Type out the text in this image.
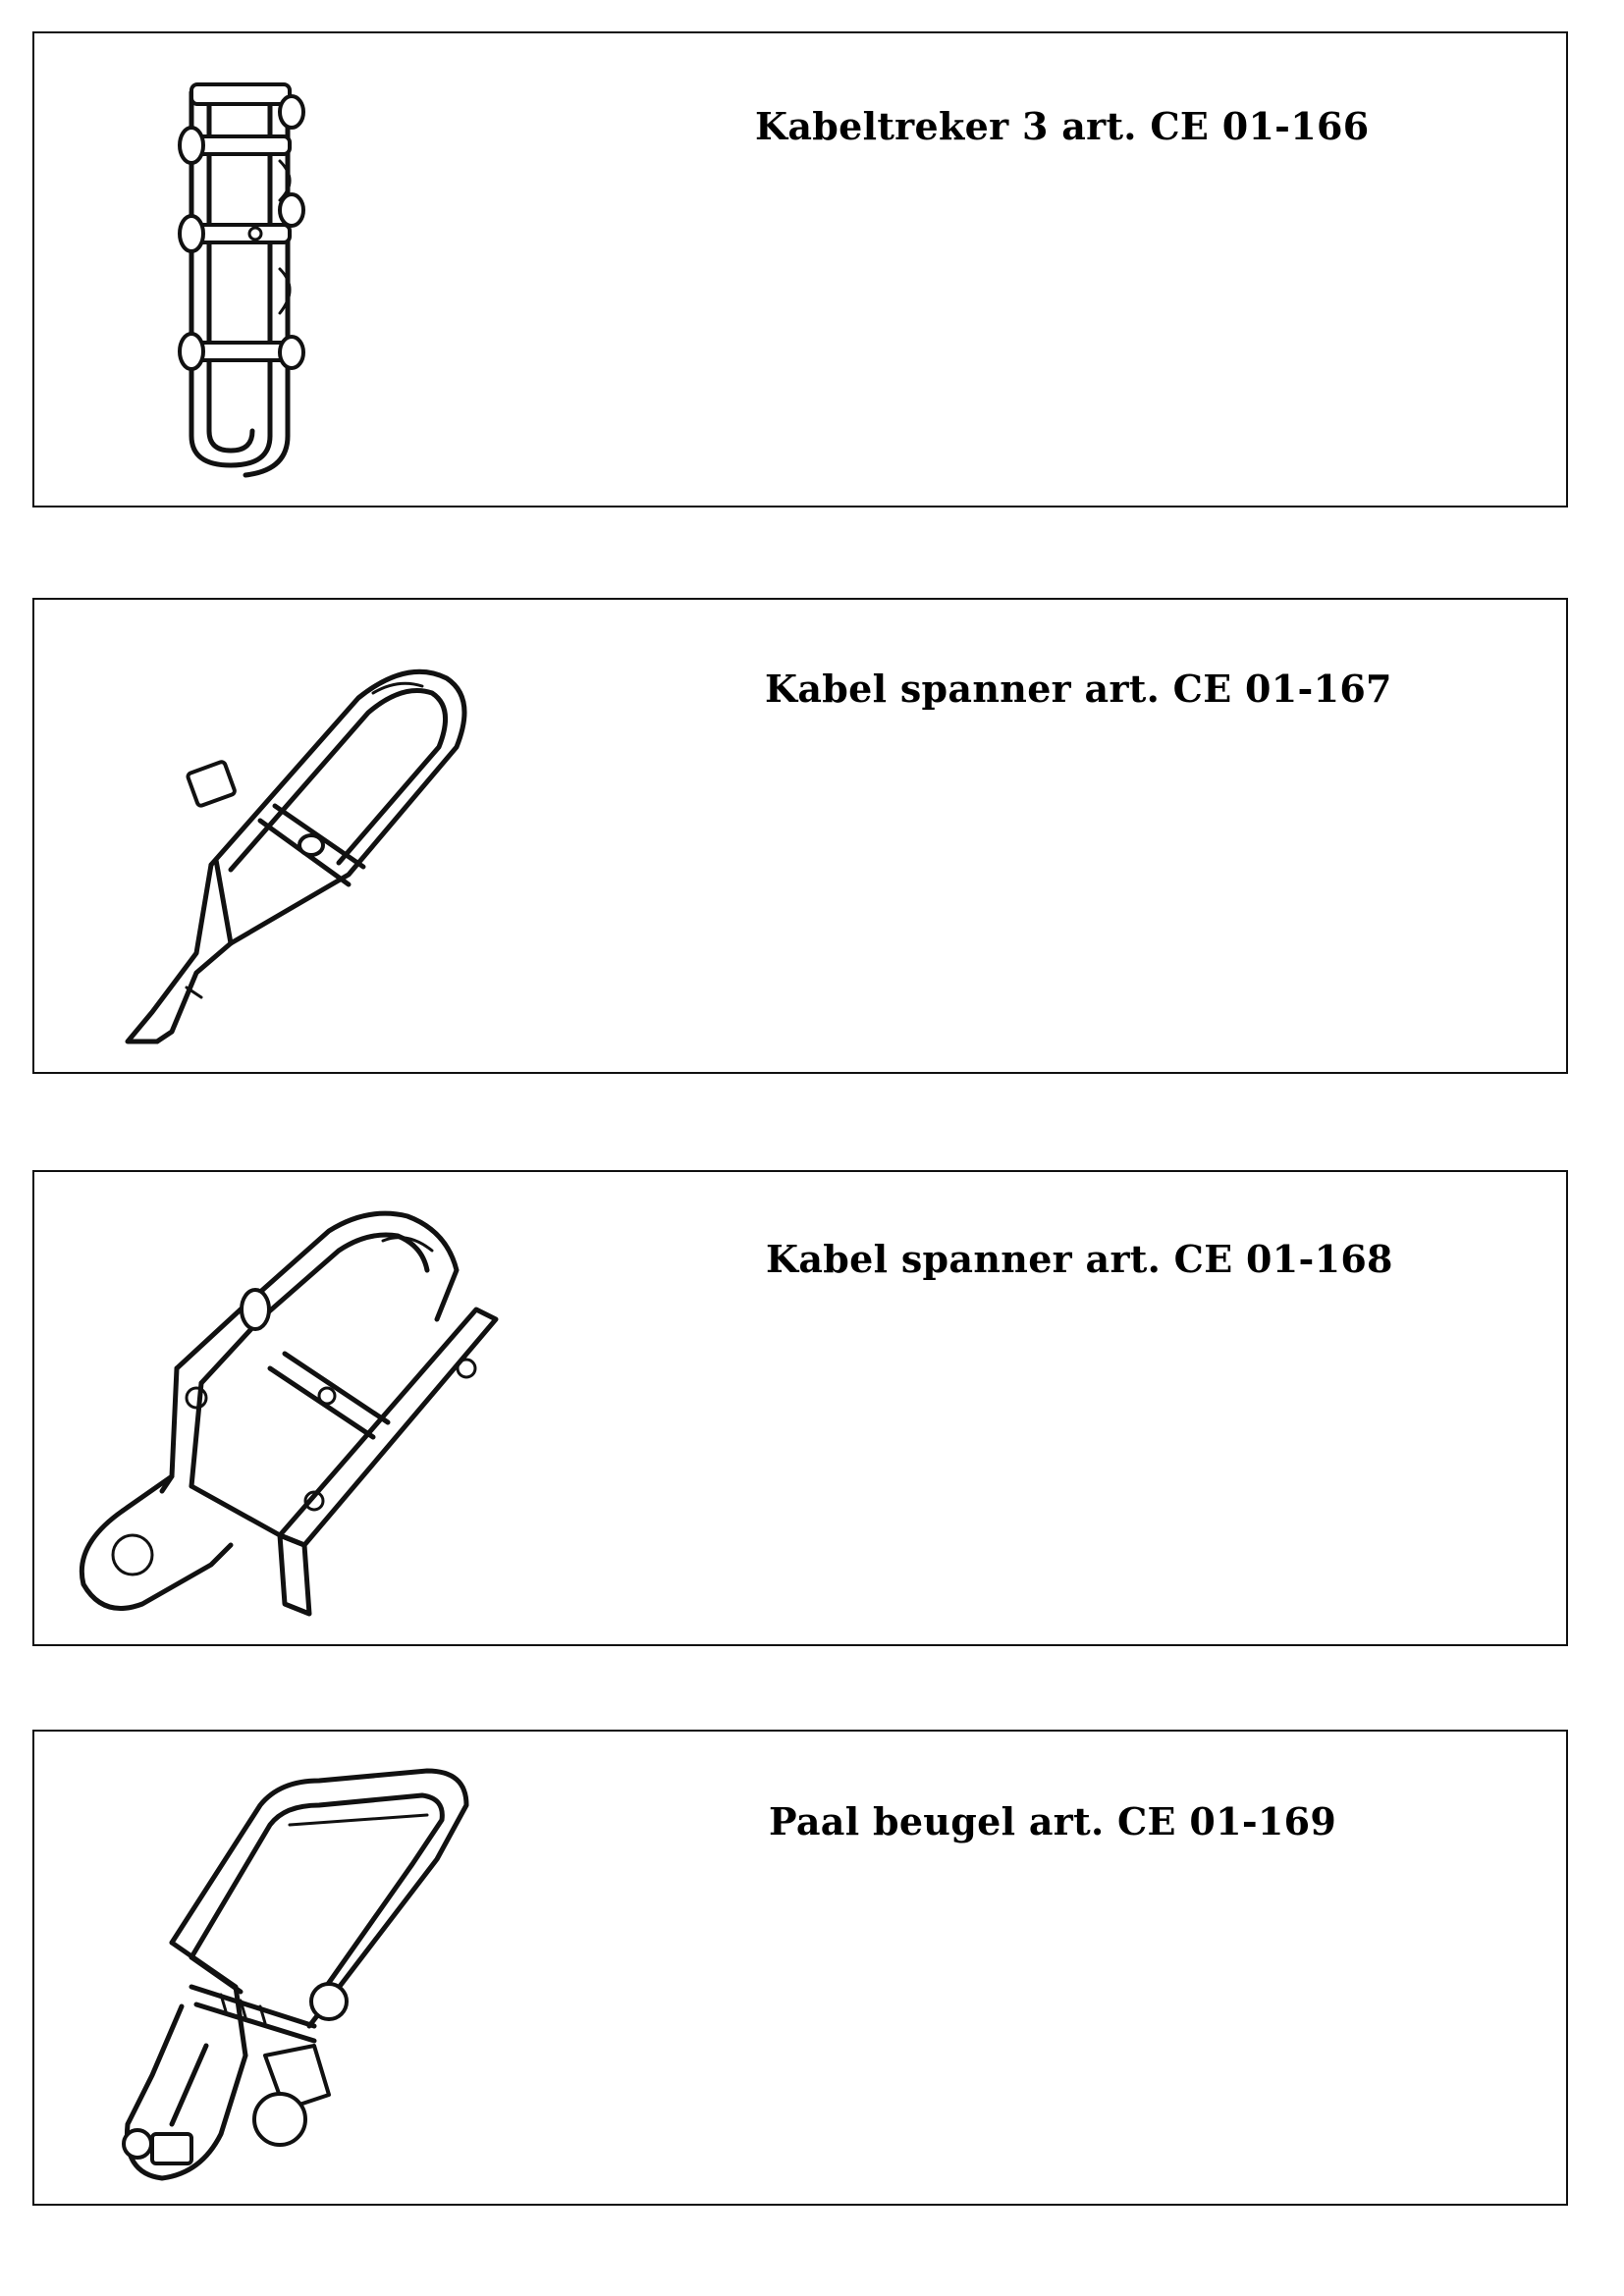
Kabeltreker 3 art. CE 01-166
Kabel spanner art. CE 01-167
Kabel spanner art. CE 01-168
Paal beugel art. CE 01-169
